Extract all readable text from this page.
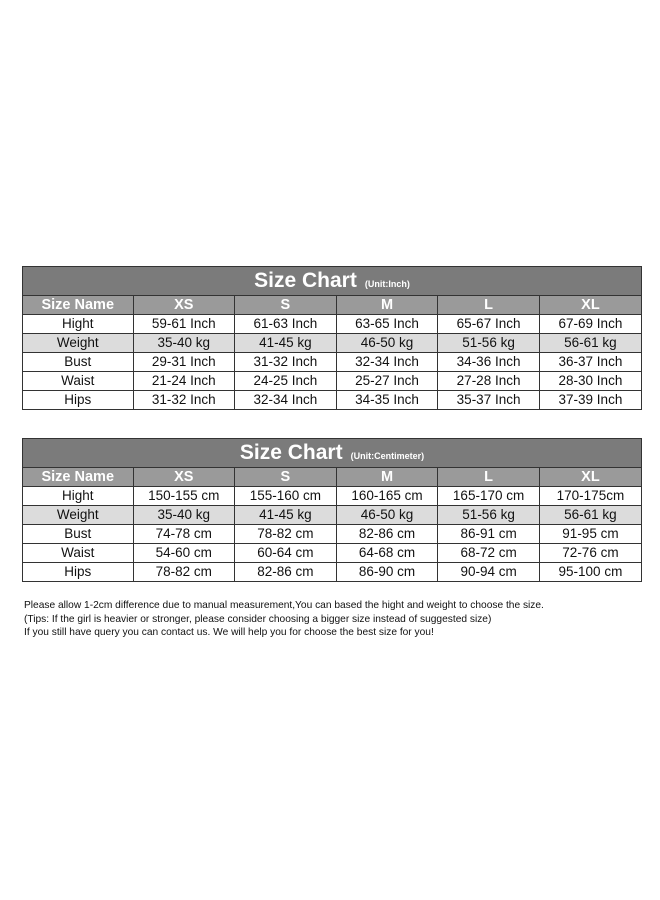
Size Chart (Unit:Inch)
Size Name	XS	S	M	L	XL
Hight	59-61 Inch	61-63 Inch	63-65 Inch	65-67 Inch	67-69 Inch
Weight	35-40 kg	41-45 kg	46-50 kg	51-56 kg	56-61 kg
Bust	29-31 Inch	31-32 Inch	32-34 Inch	34-36 Inch	36-37 Inch
Waist	21-24 Inch	24-25 Inch	25-27 Inch	27-28 Inch	28-30 Inch
Hips	31-32 Inch	32-34 Inch	34-35 Inch	35-37 Inch	37-39 Inch
Size Chart (Unit:Centimeter)
Size Name	XS	S	M	L	XL
Hight	150-155 cm	155-160 cm	160-165 cm	165-170 cm	170-175cm
Weight	35-40 kg	41-45 kg	46-50 kg	51-56 kg	56-61 kg
Bust	74-78 cm	78-82 cm	82-86 cm	86-91 cm	91-95 cm
Waist	54-60 cm	60-64 cm	64-68 cm	68-72 cm	72-76 cm
Hips	78-82 cm	82-86 cm	86-90 cm	90-94 cm	95-100 cm
Please allow 1-2cm difference due to manual measurement,You can based the hight and weight to choose the size.
(Tips: If the girl is heavier or stronger, please consider choosing a bigger size instead of suggested size)
If you still have query you can contact us. We will help you for choose the best size for you!
